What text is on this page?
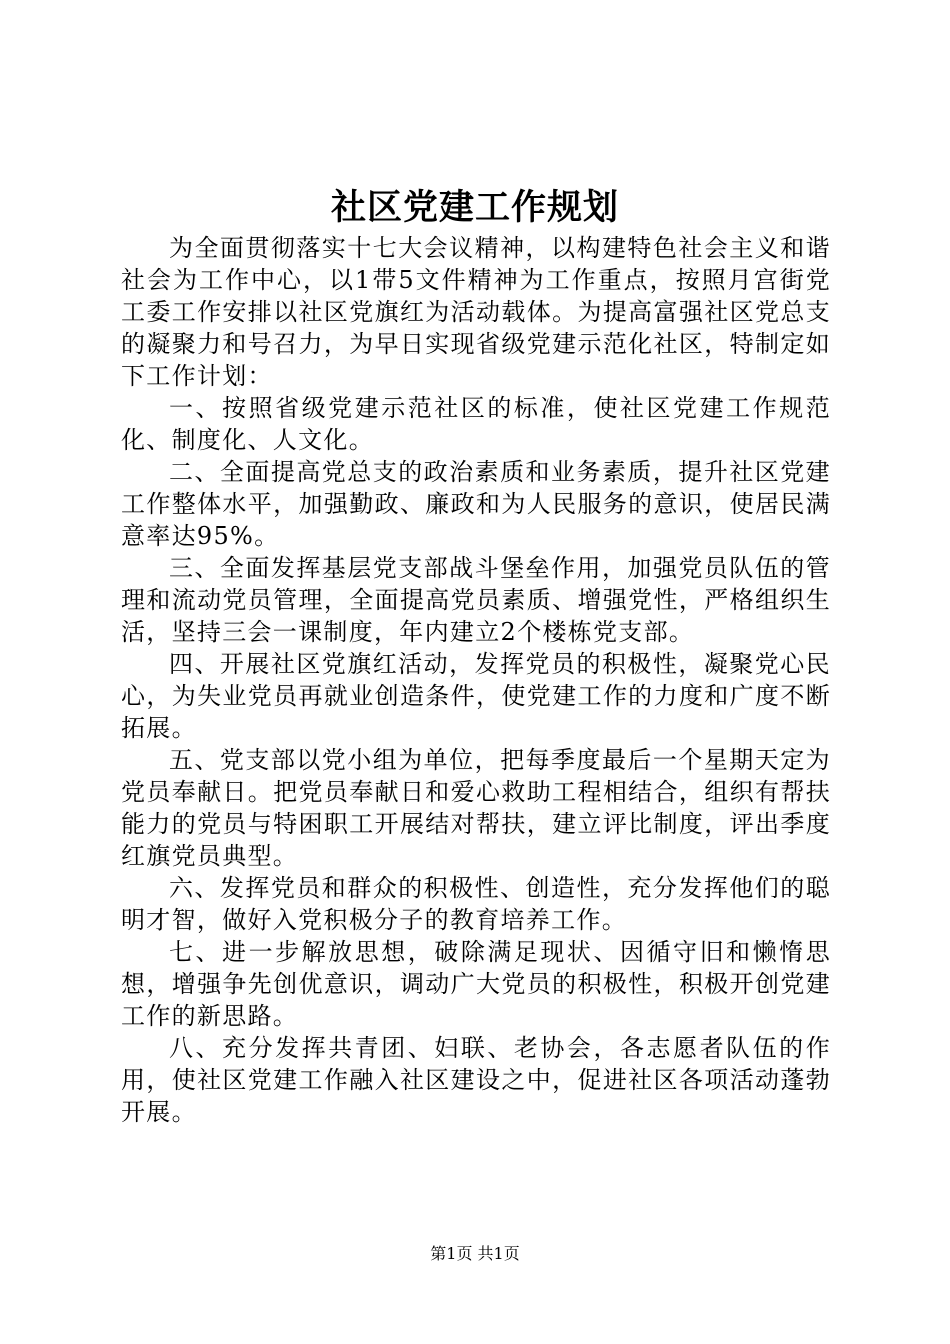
社区党建工作规划

为全面贯彻落实十七大会议精神，以构建特色社会主义和谐社会为工作中心，以1带5文件精神为工作重点，按照月宫街党工委工作安排以社区党旗红为活动载体。为提高富强社区党总支的凝聚力和号召力，为早日实现省级党建示范化社区，特制定如下工作计划：

一、按照省级党建示范社区的标准，使社区党建工作规范化、制度化、人文化。

二、全面提高党总支的政治素质和业务素质，提升社区党建工作整体水平，加强勤政、廉政和为人民服务的意识，使居民满意率达95%。

三、全面发挥基层党支部战斗堡垒作用，加强党员队伍的管理和流动党员管理，全面提高党员素质、增强党性，严格组织生活，坚持三会一课制度，年内建立2个楼栋党支部。

四、开展社区党旗红活动，发挥党员的积极性，凝聚党心民心，为失业党员再就业创造条件，使党建工作的力度和广度不断拓展。

五、党支部以党小组为单位，把每季度最后一个星期天定为党员奉献日。把党员奉献日和爱心救助工程相结合，组织有帮扶能力的党员与特困职工开展结对帮扶，建立评比制度，评出季度红旗党员典型。

六、发挥党员和群众的积极性、创造性，充分发挥他们的聪明才智，做好入党积极分子的教育培养工作。

七、进一步解放思想，破除满足现状、因循守旧和懒惰思想，增强争先创优意识，调动广大党员的积极性，积极开创党建工作的新思路。

八、充分发挥共青团、妇联、老协会，各志愿者队伍的作用，使社区党建工作融入社区建设之中，促进社区各项活动蓬勃开展。

第1页 共1页
